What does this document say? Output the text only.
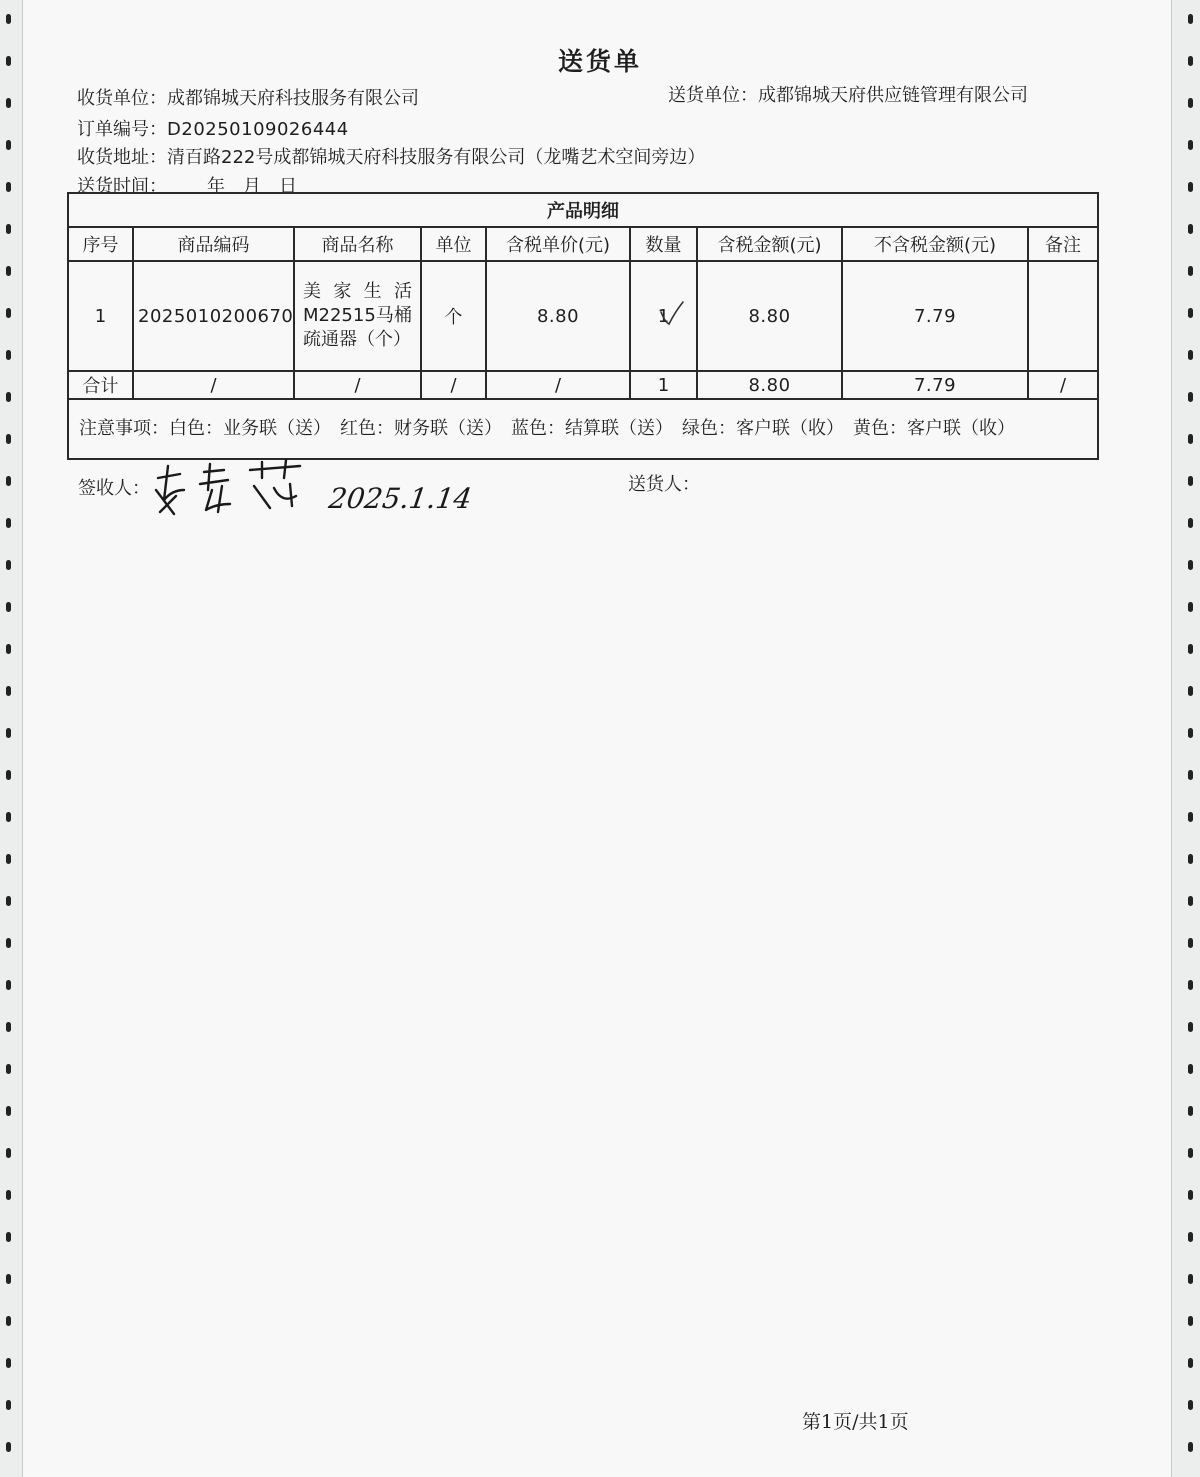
送货单
收货单位：成都锦城天府科技服务有限公司	送货单位：成都锦城天府供应链管理有限公司
订单编号：D20250109026444
收货地址：清百路222号成都锦城天府科技服务有限公司（龙嘴艺术空间旁边）
送货时间： 年　月　日
产品明细								
序号	商品编码	商品名称	单位	含税单价(元)	数量	含税金额(元)	不含税金额(元)	备注
1	2025010200670	美家生活M22515马桶疏通器（个）	个	8.80	1	8.80	7.79	
合计	/	/	/	/	1	8.80	7.79	/
注意事项：白色：业务联（送）　红色：财务联（送）　蓝色：结算联（送）　绿色：客户联（收）　黄色：客户联（收）								
签收人：
袁静茹
2025.1.14	送货人：
第1页/共1页
